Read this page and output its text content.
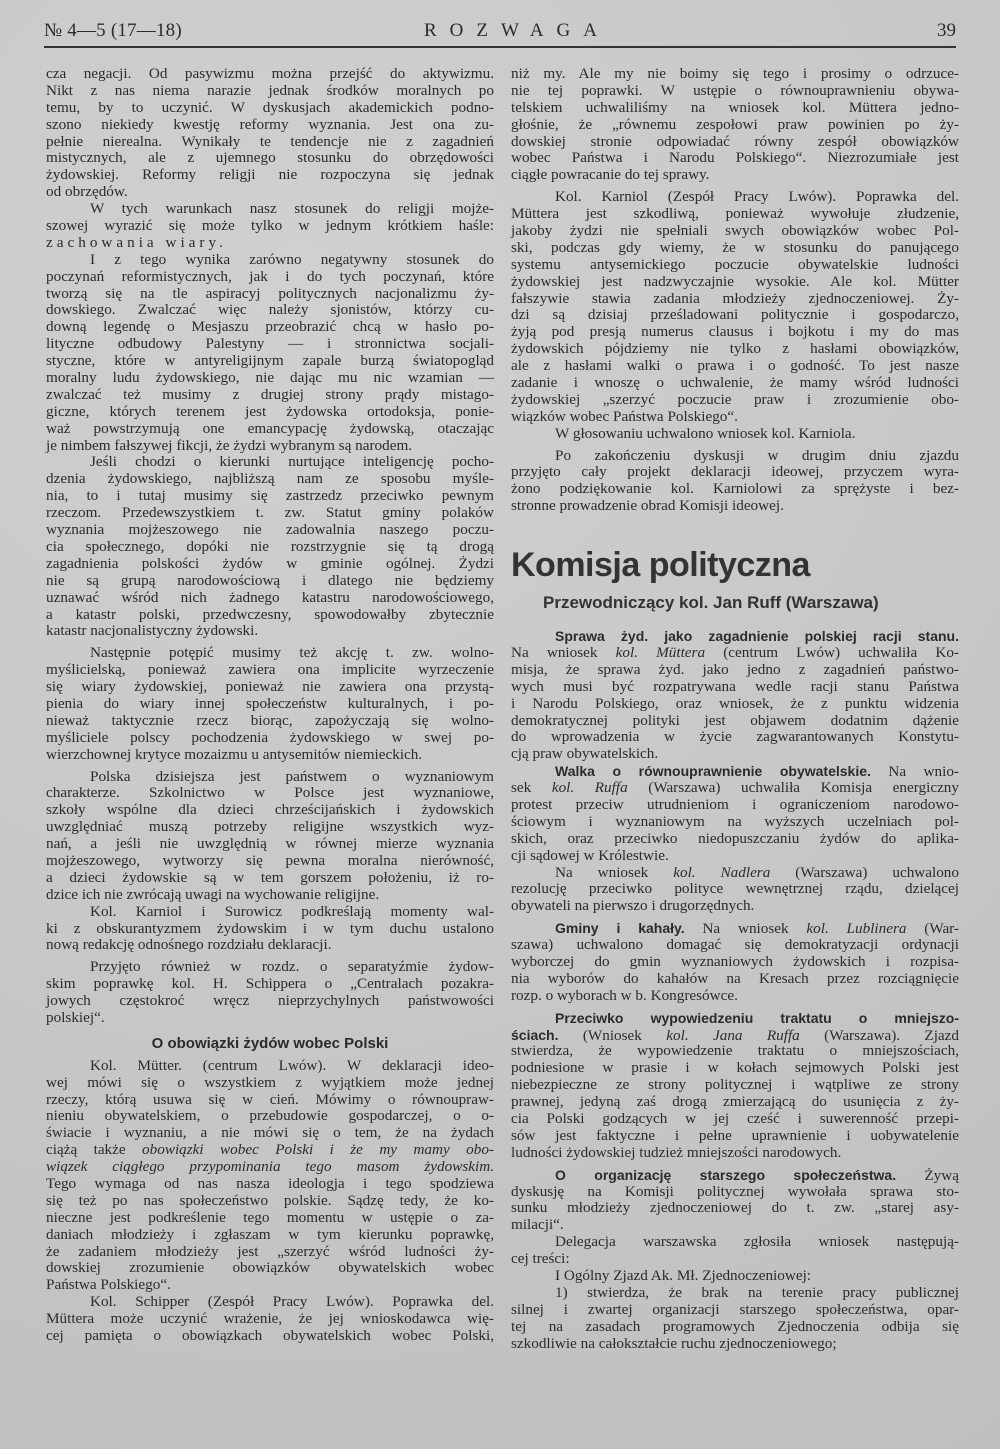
№ 4—5 (17—18)	ROZWAGA	39
cza negacji. Od pasywizmu można przejść do aktywizmu.
Nikt z nas niema narazie jednak środków moralnych po
temu, by to uczynić. W dyskusjach akademickich podno-
szono niekiedy kwestję reformy wyznania. Jest ona zu-
pełnie nierealna. Wynikały te tendencje nie z zagadnień
mistycznych, ale z ujemnego stosunku do obrzędowości
żydowskiej. Reformy religji nie rozpoczyna się jednak
od obrzędów.
W tych warunkach nasz stosunek do religji mojże-
szowej wyrazić się może tylko w jednym krótkiem haśle:
zachowania wiary.
I z tego wynika zarówno negatywny stosunek do
poczynań reformistycznych, jak i do tych poczynań, które
tworzą się na tle aspiracyj politycznych nacjonalizmu ży-
dowskiego. Zwalczać więc należy sjonistów, którzy cu-
downą legendę o Mesjaszu przeobrazić chcą w hasło po-
lityczne odbudowy Palestyny — i stronnictwa socjali-
styczne, które w antyreligijnym zapale burzą światopogląd
moralny ludu żydowskiego, nie dając mu nic wzamian —
zwalczać też musimy z drugiej strony prądy mistago-
giczne, których terenem jest żydowska ortodoksja, ponie-
waż powstrzymują one emancypację żydowską, otaczając
je nimbem fałszywej fikcji, że żydzi wybranym są narodem.
Jeśli chodzi o kierunki nurtujące inteligencję pocho-
dzenia żydowskiego, najbliższą nam ze sposobu myśle-
nia, to i tutaj musimy się zastrzedz przeciwko pewnym
rzeczom. Przedewszystkiem t. zw. Statut gminy polaków
wyznania mojżeszowego nie zadowalnia naszego poczu-
cia społecznego, dopóki nie rozstrzygnie się tą drogą
zagadnienia polskości żydów w gminie ogólnej. Żydzi
nie są grupą narodowościową i dlatego nie będziemy
uznawać wśród nich żadnego katastru narodowościowego,
a katastr polski, przedwczesny, spowodowałby zbytecznie
katastr nacjonalistyczny żydowski.
Następnie potępić musimy też akcję t. zw. wolno-
myślicielską, ponieważ zawiera ona implicite wyrzeczenie
się wiary żydowskiej, ponieważ nie zawiera ona przystą-
pienia do wiary innej społeczeństw kulturalnych, i po-
nieważ taktycznie rzecz biorąc, zapożyczają się wolno-
myśliciele polscy pochodzenia żydowskiego w swej po-
wierzchownej krytyce mozaizmu u antysemitów niemieckich.
Polska dzisiejsza jest państwem o wyznaniowym
charakterze. Szkolnictwo w Polsce jest wyznaniowe,
szkoły wspólne dla dzieci chrześcijańskich i żydowskich
uwzględniać muszą potrzeby religijne wszystkich wyz-
nań, a jeśli nie uwzględnią w równej mierze wyznania
mojżeszowego, wytworzy się pewna moralna nierówność,
a dzieci żydowskie są w tem gorszem położeniu, iż ro-
dzice ich nie zwrócają uwagi na wychowanie religijne.
Kol. Karniol i Surowicz podkreślają momenty wal-
ki z obskurantyzmem żydowskim i w tym duchu ustalono
nową redakcję odnośnego rozdziału deklaracji.
Przyjęto również w rozdz. o separatyźmie żydow-
skim poprawkę kol. H. Schippera o „Centralach pozakra-
jowych częstokroć wręcz nieprzychylnych państwowości
polskiej“.
O obowiązki żydów wobec Polski
Kol. Mütter. (centrum Lwów). W deklaracji ideo-
wej mówi się o wszystkiem z wyjątkiem może jednej
rzeczy, którą usuwa się w cień. Mówimy o równoupraw-
nieniu obywatelskiem, o przebudowie gospodarczej, o o-
świacie i wyznaniu, a nie mówi się o tem, że na żydach
ciążą także obowiązki wobec Polski i że my mamy obo-
wiązek ciągłego przypominania tego masom żydowskim.
Tego wymaga od nas nasza ideologja i tego spodziewa
się też po nas społeczeństwo polskie. Sądzę tedy, że ko-
nieczne jest podkreślenie tego momentu w ustępie o za-
daniach młodzieży i zgłaszam w tym kierunku poprawkę,
że zadaniem młodzieży jest „szerzyć wśród ludności ży-
dowskiej zrozumienie obowiązków obywatelskich wobec
Państwa Polskiego“.
Kol. Schipper (Zespół Pracy Lwów). Poprawka del.
Müttera może uczynić wrażenie, że jej wnioskodawca wię-
cej pamięta o obowiązkach obywatelskich wobec Polski,
niż my. Ale my nie boimy się tego i prosimy o odrzuce-
nie tej poprawki. W ustępie o równouprawnieniu obywa-
telskiem uchwaliliśmy na wniosek kol. Müttera jedno-
głośnie, że „równemu zespołowi praw powinien po ży-
dowskiej stronie odpowiadać równy zespół obowiązków
wobec Państwa i Narodu Polskiego“. Niezrozumiałe jest
ciągłe powracanie do tej sprawy.
Kol. Karniol (Zespół Pracy Lwów). Poprawka del.
Müttera jest szkodliwą, ponieważ wywołuje złudzenie,
jakoby żydzi nie spełniali swych obowiązków wobec Pol-
ski, podczas gdy wiemy, że w stosunku do panującego
systemu antysemickiego poczucie obywatelskie ludności
żydowskiej jest nadzwyczajnie wysokie. Ale kol. Mütter
fałszywie stawia zadania młodzieży zjednoczeniowej. Ży-
dzi są dzisiaj prześladowani politycznie i gospodarczo,
żyją pod presją numerus clausus i bojkotu i my do mas
żydowskich pójdziemy nie tylko z hasłami obowiązków,
ale z hasłami walki o prawa i o godność. To jest nasze
zadanie i wnoszę o uchwalenie, że mamy wśród ludności
żydowskiej „szerzyć poczucie praw i zrozumienie obo-
wiązków wobec Państwa Polskiego“.
W głosowaniu uchwalono wniosek kol. Karniola.
Po zakończeniu dyskusji w drugim dniu zjazdu
przyjęto cały projekt deklaracji ideowej, przyczem wyra-
żono podziękowanie kol. Karniolowi za sprężyste i bez-
stronne prowadzenie obrad Komisji ideowej.
Komisja polityczna
Przewodniczący kol. Jan Ruff (Warszawa)
Sprawa żyd. jako zagadnienie polskiej racji stanu.
Na wniosek kol. Müttera (centrum Lwów) uchwaliła Ko-
misja, że sprawa żyd. jako jedno z zagadnień państwo-
wych musi być rozpatrywana wedle racji stanu Państwa
i Narodu Polskiego, oraz wniosek, że z punktu widzenia
demokratycznej polityki jest objawem dodatnim dążenie
do wprowadzenia w życie zagwarantowanych Konstytu-
cją praw obywatelskich.
Walka o równouprawnienie obywatelskie. Na wnio-
sek kol. Ruffa (Warszawa) uchwaliła Komisja energiczny
protest przeciw utrudnieniom i ograniczeniom narodowo-
ściowym i wyznaniowym na wyższych uczelniach pol-
skich, oraz przeciwko niedopuszczaniu żydów do aplika-
cji sądowej w Królestwie.
Na wniosek kol. Nadlera (Warszawa) uchwalono
rezolucję przeciwko polityce wewnętrznej rządu, dzielącej
obywateli na pierwszo i drugorzędnych.
Gminy i kahały. Na wniosek kol. Lublinera (War-
szawa) uchwalono domagać się demokratyzacji ordynacji
wyborczej do gmin wyznaniowych żydowskich i rozpisa-
nia wyborów do kahałów na Kresach przez rozciągnięcie
rozp. o wyborach w b. Kongresówce.
Przeciwko wypowiedzeniu traktatu o mniejszo-
ściach. (Wniosek kol. Jana Ruffa (Warszawa). Zjazd
stwierdza, że wypowiedzenie traktatu o mniejszościach,
podniesione w prasie i w kołach sejmowych Polski jest
niebezpieczne ze strony politycznej i wątpliwe ze strony
prawnej, jedyną zaś drogą zmierzającą do usunięcia z ży-
cia Polski godzących w jej cześć i suwerenność przepi-
sów jest faktyczne i pełne uprawnienie i uobywatelenie
ludności żydowskiej tudzież mniejszości narodowych.
O organizację starszego społeczeństwa. Żywą
dyskusję na Komisji politycznej wywołała sprawa sto-
sunku młodzieży zjednoczeniowej do t. zw. „starej asy-
milacji“.
Delegacja warszawska zgłosiła wniosek następują-
cej treści:
I Ogólny Zjazd Ak. Mł. Zjednoczeniowej:
1) stwierdza, że brak na terenie pracy publicznej
silnej i zwartej organizacji starszego społeczeństwa, opar-
tej na zasadach programowych Zjednoczenia odbija się
szkodliwie na całokształcie ruchu zjednoczeniowego;
